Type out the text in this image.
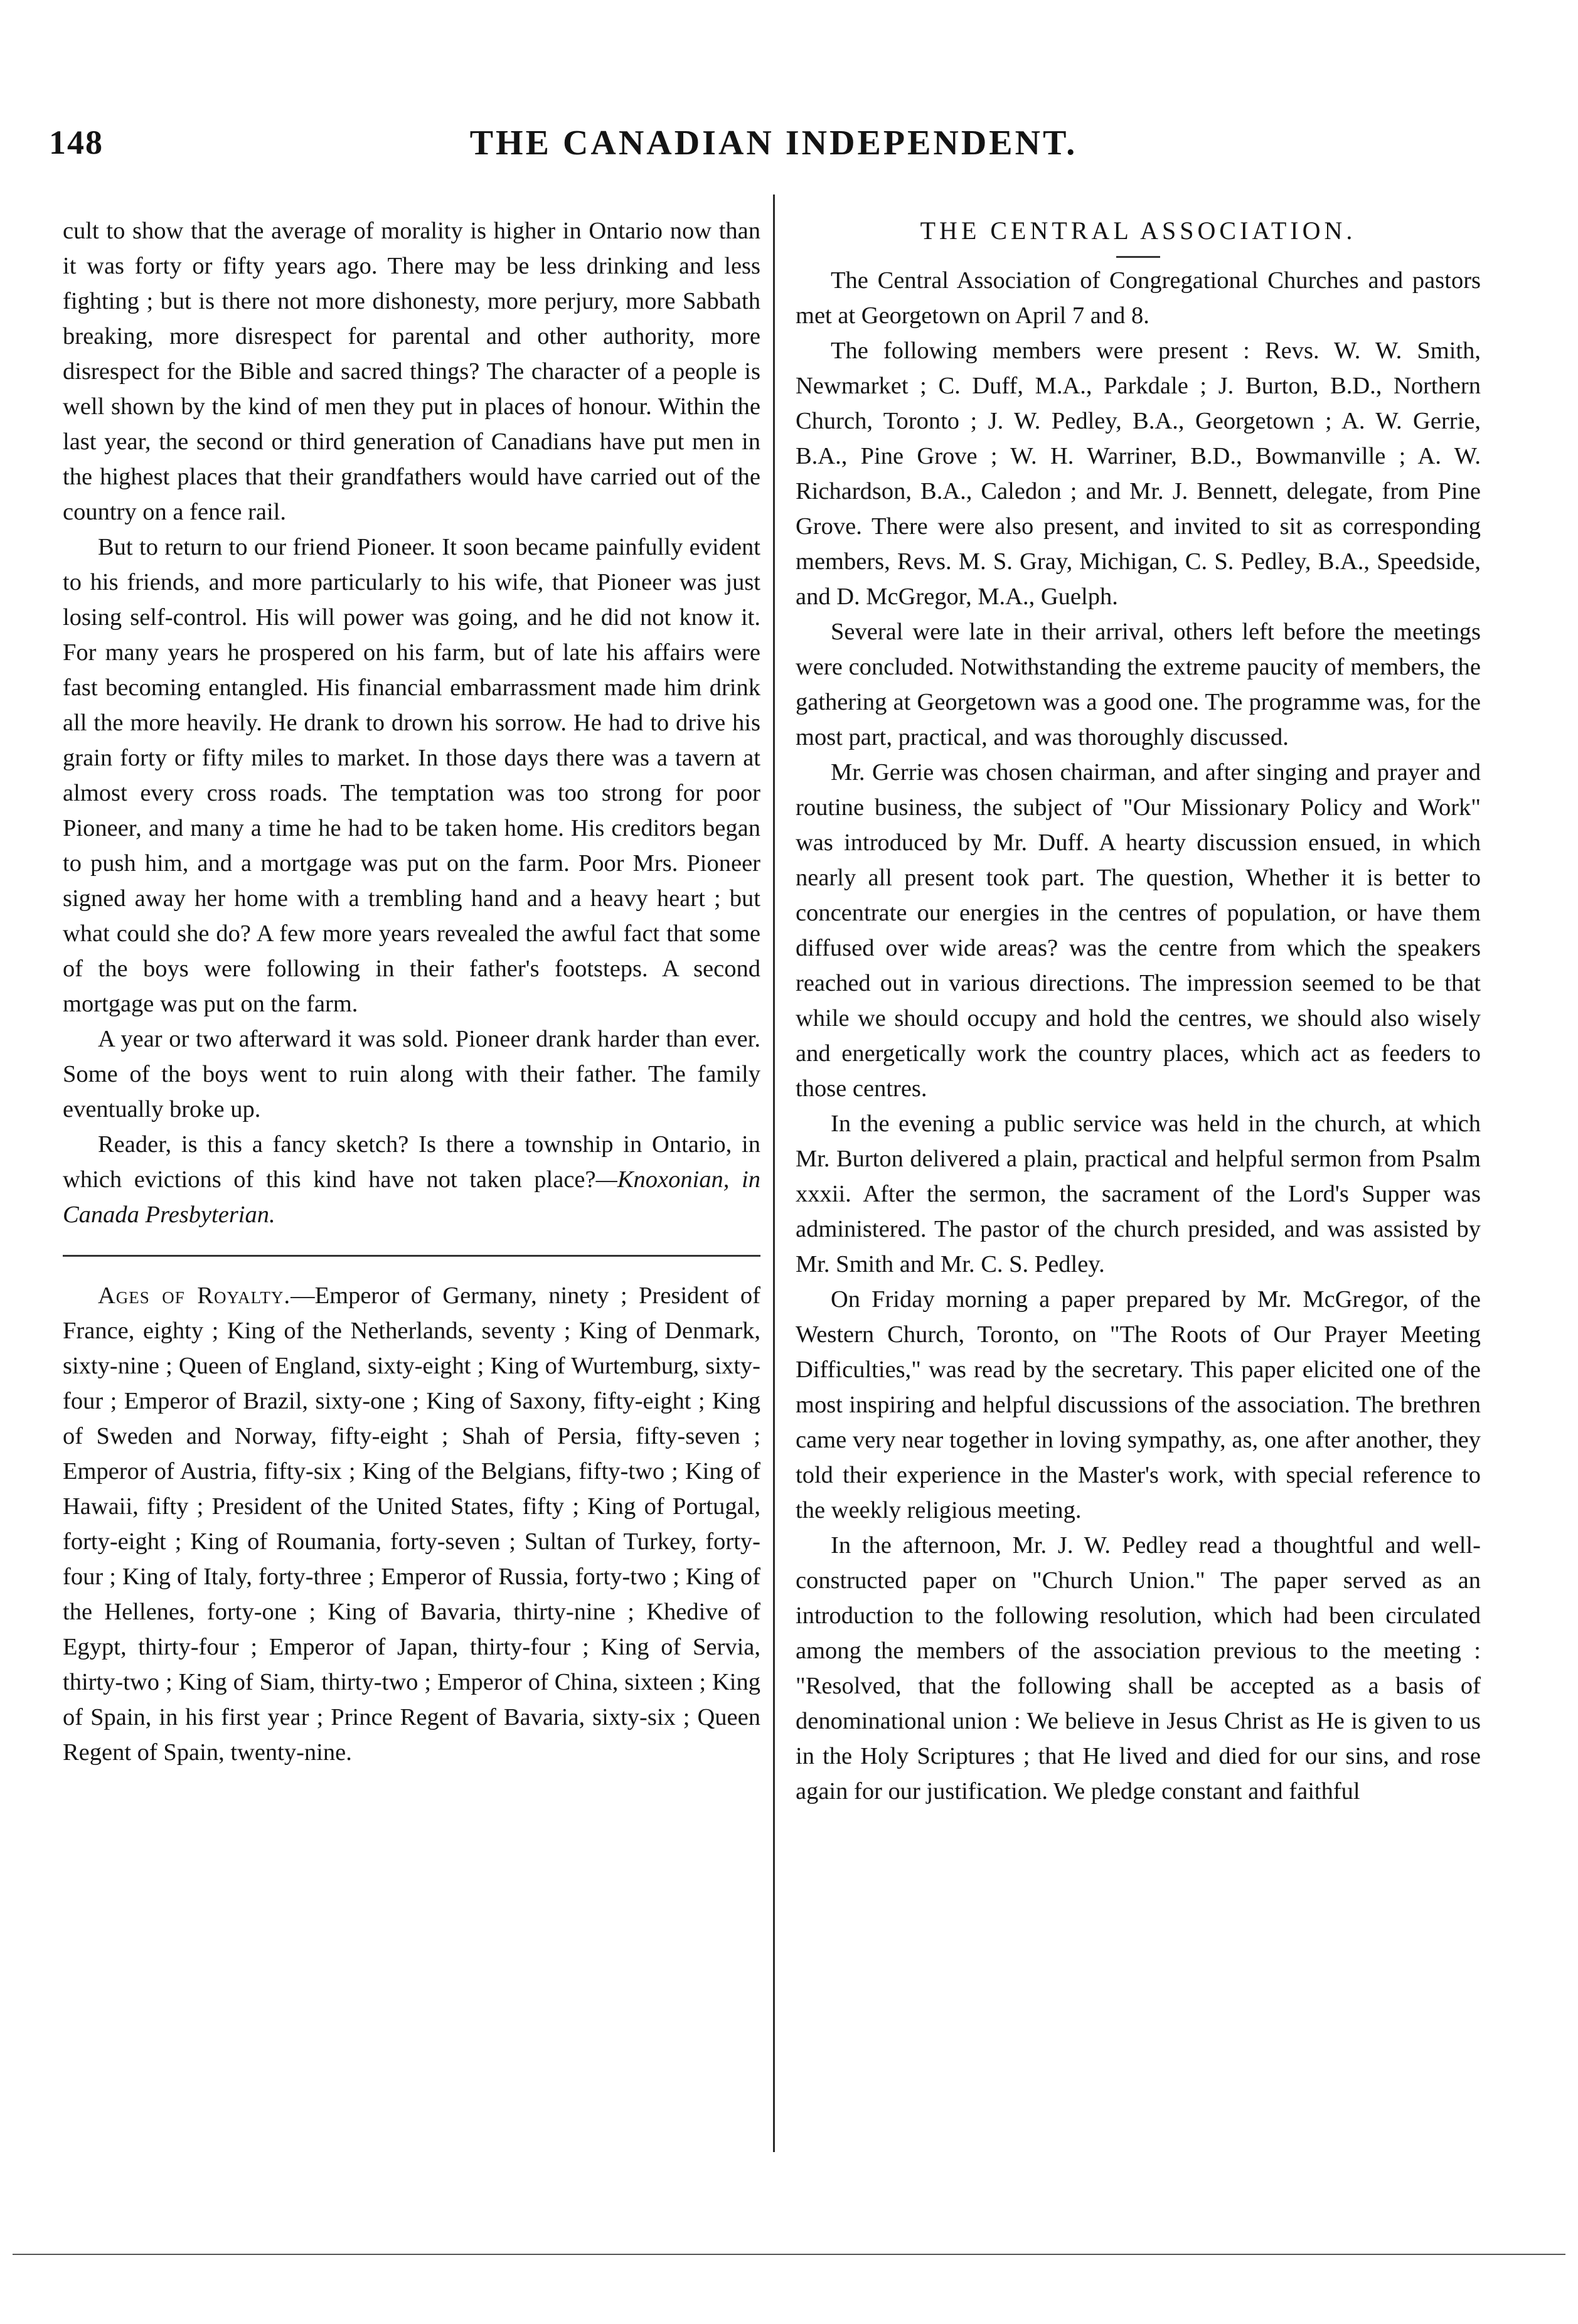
148	THE CANADIAN INDEPENDENT.

cult to show that the average of morality is higher in Ontario now than it was forty or fifty years ago. There may be less drinking and less fighting ; but is there not more dishonesty, more perjury, more Sabbath breaking, more disrespect for parental and other authority, more disrespect for the Bible and sacred things? The character of a people is well shown by the kind of men they put in places of honour. Within the last year, the second or third generation of Canadians have put men in the highest places that their grandfathers would have carried out of the country on a fence rail.

But to return to our friend Pioneer. It soon became painfully evident to his friends, and more particularly to his wife, that Pioneer was just losing self-control. His will power was going, and he did not know it. For many years he prospered on his farm, but of late his affairs were fast becoming entangled. His financial embarrassment made him drink all the more heavily. He drank to drown his sorrow. He had to drive his grain forty or fifty miles to market. In those days there was a tavern at almost every cross roads. The temptation was too strong for poor Pioneer, and many a time he had to be taken home. His creditors began to push him, and a mortgage was put on the farm. Poor Mrs. Pioneer signed away her home with a trembling hand and a heavy heart ; but what could she do? A few more years revealed the awful fact that some of the boys were following in their father's footsteps. A second mortgage was put on the farm.

A year or two afterward it was sold. Pioneer drank harder than ever. Some of the boys went to ruin along with their father. The family eventually broke up.

Reader, is this a fancy sketch? Is there a township in Ontario, in which evictions of this kind have not taken place?—Knoxonian, in Canada Presbyterian.

Ages of Royalty.—Emperor of Germany, ninety ; President of France, eighty ; King of the Netherlands, seventy ; King of Denmark, sixty-nine ; Queen of England, sixty-eight ; King of Wurtemburg, sixty-four ; Emperor of Brazil, sixty-one ; King of Saxony, fifty-eight ; King of Sweden and Norway, fifty-eight ; Shah of Persia, fifty-seven ; Emperor of Austria, fifty-six ; King of the Belgians, fifty-two ; King of Hawaii, fifty ; President of the United States, fifty ; King of Portugal, forty-eight ; King of Roumania, forty-seven ; Sultan of Turkey, forty-four ; King of Italy, forty-three ; Emperor of Russia, forty-two ; King of the Hellenes, forty-one ; King of Bavaria, thirty-nine ; Khedive of Egypt, thirty-four ; Emperor of Japan, thirty-four ; King of Servia, thirty-two ; King of Siam, thirty-two ; Emperor of China, sixteen ; King of Spain, in his first year ; Prince Regent of Bavaria, sixty-six ; Queen Regent of Spain, twenty-nine.

THE CENTRAL ASSOCIATION.

The Central Association of Congregational Churches and pastors met at Georgetown on April 7 and 8.

The following members were present : Revs. W. W. Smith, Newmarket ; C. Duff, M.A., Parkdale ; J. Burton, B.D., Northern Church, Toronto ; J. W. Pedley, B.A., Georgetown ; A. W. Gerrie, B.A., Pine Grove ; W. H. Warriner, B.D., Bowmanville ; A. W. Richardson, B.A., Caledon ; and Mr. J. Bennett, delegate, from Pine Grove. There were also present, and invited to sit as corresponding members, Revs. M. S. Gray, Michigan, C. S. Pedley, B.A., Speedside, and D. McGregor, M.A., Guelph.

Several were late in their arrival, others left before the meetings were concluded. Notwithstanding the extreme paucity of members, the gathering at Georgetown was a good one. The programme was, for the most part, practical, and was thoroughly discussed.

Mr. Gerrie was chosen chairman, and after singing and prayer and routine business, the subject of "Our Missionary Policy and Work" was introduced by Mr. Duff. A hearty discussion ensued, in which nearly all present took part. The question, Whether it is better to concentrate our energies in the centres of population, or have them diffused over wide areas? was the centre from which the speakers reached out in various directions. The impression seemed to be that while we should occupy and hold the centres, we should also wisely and energetically work the country places, which act as feeders to those centres.

In the evening a public service was held in the church, at which Mr. Burton delivered a plain, practical and helpful sermon from Psalm xxxii. After the sermon, the sacrament of the Lord's Supper was administered. The pastor of the church presided, and was assisted by Mr. Smith and Mr. C. S. Pedley.

On Friday morning a paper prepared by Mr. McGregor, of the Western Church, Toronto, on "The Roots of Our Prayer Meeting Difficulties," was read by the secretary. This paper elicited one of the most inspiring and helpful discussions of the association. The brethren came very near together in loving sympathy, as, one after another, they told their experience in the Master's work, with special reference to the weekly religious meeting.

In the afternoon, Mr. J. W. Pedley read a thoughtful and well-constructed paper on "Church Union." The paper served as an introduction to the following resolution, which had been circulated among the members of the association previous to the meeting : "Resolved, that the following shall be accepted as a basis of denominational union : We believe in Jesus Christ as He is given to us in the Holy Scriptures ; that He lived and died for our sins, and rose again for our justification. We pledge constant and faithful
